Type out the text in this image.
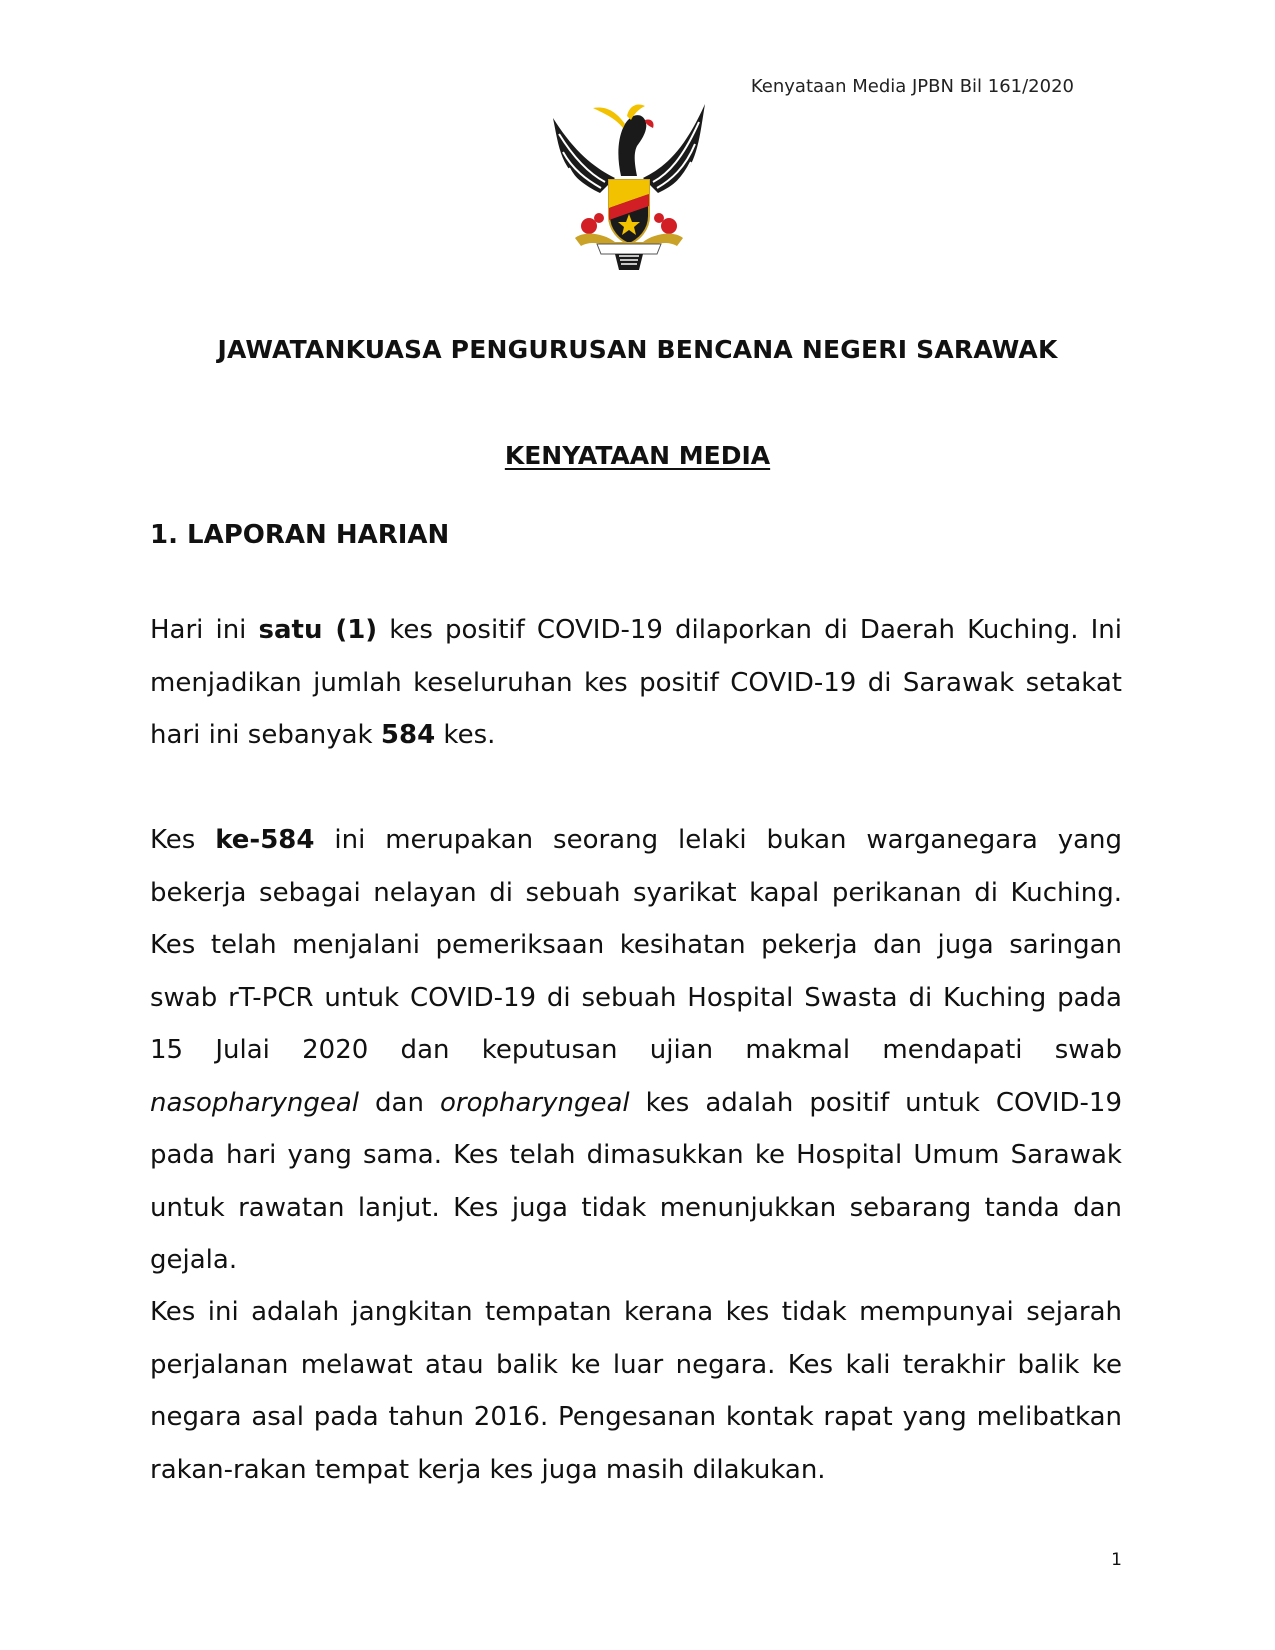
Kenyataan Media JPBN Bil 161/2020
JAWATANKUASA PENGURUSAN BENCANA NEGERI SARAWAK
KENYATAAN MEDIA
1. LAPORAN HARIAN
Hari ini satu (1) kes positif COVID-19 dilaporkan di Daerah Kuching. Ini menjadikan jumlah keseluruhan kes positif COVID-19 di Sarawak setakat hari ini sebanyak 584 kes.
Kes ke-584 ini merupakan seorang lelaki bukan warganegara yang bekerja sebagai nelayan di sebuah syarikat kapal perikanan di Kuching. Kes telah menjalani pemeriksaan kesihatan pekerja dan juga saringan swab rT-PCR untuk COVID-19 di sebuah Hospital Swasta di Kuching pada 15 Julai 2020 dan keputusan ujian makmal mendapati swab nasopharyngeal dan oropharyngeal kes adalah positif untuk COVID-19 pada hari yang sama. Kes telah dimasukkan ke Hospital Umum Sarawak untuk rawatan lanjut. Kes juga tidak menunjukkan sebarang tanda dan gejala.
Kes ini adalah jangkitan tempatan kerana kes tidak mempunyai sejarah perjalanan melawat atau balik ke luar negara. Kes kali terakhir balik ke negara asal pada tahun 2016. Pengesanan kontak rapat yang melibatkan rakan-rakan tempat kerja kes juga masih dilakukan.
1
